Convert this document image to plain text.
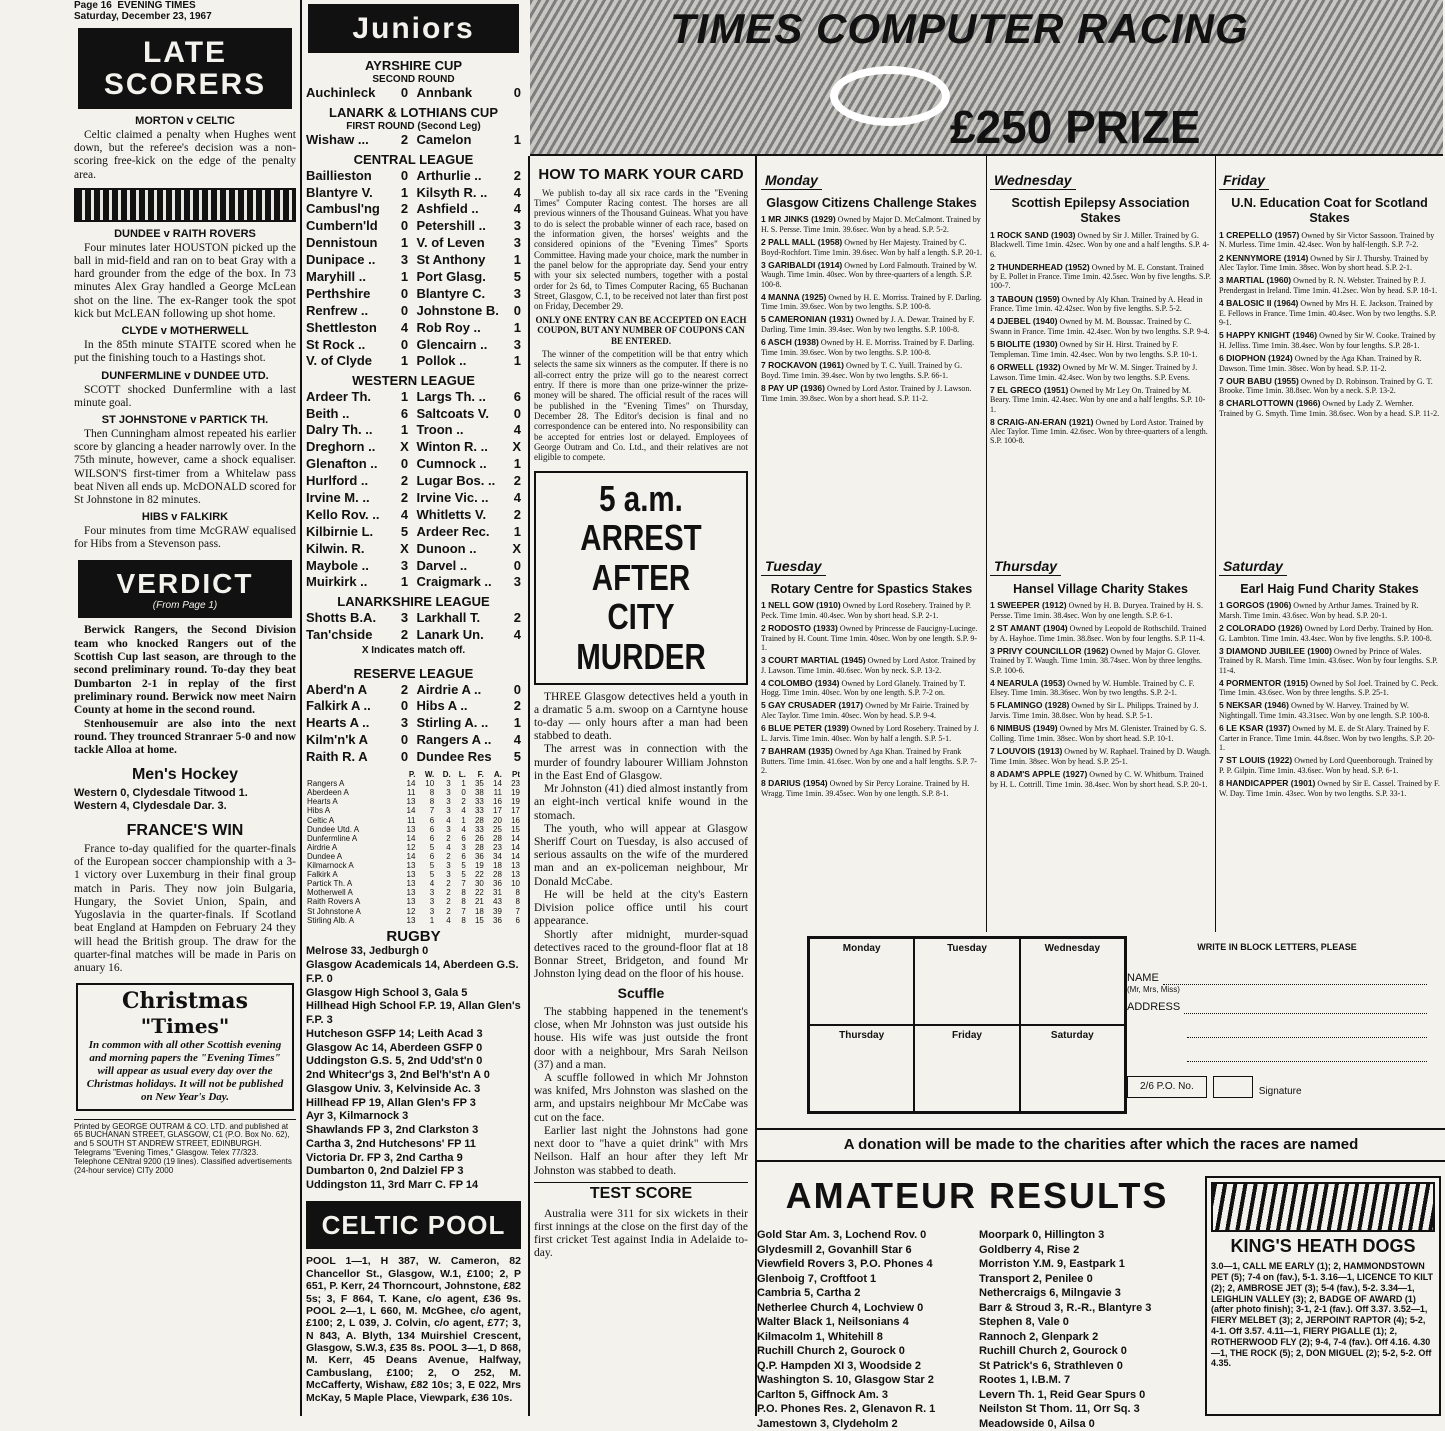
Page 16 EVENING TIMES
Saturday, December 23, 1967
LATE SCORERS
MORTON v CELTIC

Celtic claimed a penalty when Hughes went down, but the referee's decision was a non-scoring free-kick on the edge of the penalty area.

DUNDEE v RAITH ROVERS

Four minutes later HOUSTON picked up the ball in mid-field and ran on to beat Gray with a hard grounder from the edge of the box. In 73 minutes Alex Gray handled a George McLean shot on the line. The ex-Ranger took the spot kick but McLEAN following up shot home.

CLYDE v MOTHERWELL

In the 85th minute STAITE scored when he put the finishing touch to a Hastings shot.

DUNFERMLINE v DUNDEE UTD.

SCOTT shocked Dunfermline with a last minute goal.

ST JOHNSTONE v PARTICK TH.

Then Cunningham almost repeated his earlier score by glancing a header narrowly over. In the 75th minute, however, came a shock equaliser. WILSON'S first-timer from a Whitelaw pass beat Niven all ends up. McDONALD scored for St Johnstone in 82 minutes.

HIBS v FALKIRK

Four minutes from time McGRAW equalised for Hibs from a Stevenson pass.

VERDICT
(From Page 1)

Berwick Rangers, the Second Division team who knocked Rangers out of the Scottish Cup last season, are through to the second preliminary round. To-day they beat Dumbarton 2-1 in replay of the first preliminary round. Berwick now meet Nairn County at home in the second round.

Stenhousemuir are also into the next round. They trounced Stranraer 5-0 and now tackle Alloa at home.

Men's Hockey
Western 0, Clydesdale Titwood 1.
Western 4, Clydesdale Dar. 3.
FRANCE'S WIN

France to-day qualified for the quarter-finals of the European soccer championship with a 3-1 victory over Luxemburg in their final group match in Paris. They now join Bulgaria, Hungary, the Soviet Union, Spain, and Yugoslavia in the quarter-finals. If Scotland beat England at Hampden on February 24 they will head the British group. The draw for the quarter-final matches will be made in Paris on anuary 16.

Christmas
"Times"

In common with all other Scottish evening and morning papers the "Evening Times" will appear as usual every day over the Christmas holidays. It will not be published on New Year's Day.

Printed by GEORGE OUTRAM & CO. LTD. and published at 65 BUCHANAN STREET, GLASGOW, C1 (P.O. Box No. 62), and 5 SOUTH ST ANDREW STREET, EDINBURGH. Telegrams "Evening Times," Glasgow. Telex 77/323. Telephone CENtral 9200 (19 lines). Classified advertisements (24-hour service) CITy 2000
Juniors
AYRSHIRE CUP
SECOND ROUND
Auchinleck	0 Annbank	0
LANARK & LOTHIANS CUP
FIRST ROUND (Second Leg)
Wishaw ...	2 Camelon	1
CENTRAL LEAGUE
Baillieston	0 Arthurlie ..	2
Blantyre V.	1 Kilsyth R. ..	4
Cambusl'ng	2 Ashfield ..	4
Cumbern'ld	0 Petershill ..	3
Dennistoun	1 V. of Leven	3
Dunipace ..	3 St Anthony	1
Maryhill ..	1 Port Glasg.	5
Perthshire	0 Blantyre C.	3
Renfrew ..	0 Johnstone B.	0
Shettleston	4 Rob Roy ..	1
St Rock ..	0 Glencairn ..	3
V. of Clyde	1 Pollok ..	1
WESTERN LEAGUE
Ardeer Th.	1 Largs Th. ..	6
Beith ..	6 Saltcoats V.	0
Dalry Th. ..	1 Troon ..	4
Dreghorn ..	X Winton R. ..	X
Glenafton ..	0 Cumnock ..	1
Hurlford ..	2 Lugar Bos. ..	2
Irvine M. ..	2 Irvine Vic. ..	4
Kello Rov. ..	4 Whitletts V.	2
Kilbirnie L.	5 Ardeer Rec.	1
Kilwin. R.	X Dunoon ..	X
Maybole ..	3 Darvel ..	0
Muirkirk ..	1 Craigmark ..	3
LANARKSHIRE LEAGUE
Shotts B.A.	3 Larkhall T.	2
Tan'chside	2 Lanark Un.	4
X Indicates match off.
RESERVE LEAGUE
Aberd'n A	2 Airdrie A ..	0
Falkirk A ..	0 Hibs A ..	2
Hearts A ..	3 Stirling A. ..	1
Kilm'n'k A	0 Rangers A ..	4
Raith R. A	0 Dundee Res	5
	P.	W.	D.	L.	F.	A.	Pt
Rangers A	14	10	3	1	35	14	23
Aberdeen A	11	8	3	0	38	11	19
Hearts A	13	8	3	2	33	16	19
Hibs A	14	7	3	4	33	17	17
Celtic A	11	6	4	1	28	20	16
Dundee Utd. A	13	6	3	4	33	25	15
Dunfermline A	14	6	2	6	26	28	14
Airdrie A	12	5	4	3	28	23	14
Dundee A	14	6	2	6	36	34	14
Kilmarnock A	13	5	3	5	19	18	13
Falkirk A	13	5	3	5	22	28	13
Partick Th. A	13	4	2	7	30	36	10
Motherwell A	13	3	2	8	22	31	8
Raith Rovers A	13	3	2	8	21	43	8
St Johnstone A	12	3	2	7	18	39	7
Stirling Alb. A	13	1	4	8	15	36	6
RUGBY
Melrose 33, Jedburgh 0
Glasgow Academicals 14, Aberdeen G.S. F.P. 0
Glasgow High School 3, Gala 5
Hillhead High School F.P. 19, Allan Glen's F.P. 3
Hutcheson GSFP 14; Leith Acad 3
Glasgow Ac 14, Aberdeen GSFP 0
Uddingston G.S. 5, 2nd Udd'st'n 0
2nd Whitecr'gs 3, 2nd Bel'h'st'n A 0
Glasgow Univ. 3, Kelvinside Ac. 3
Hillhead FP 19, Allan Glen's FP 3
Ayr 3, Kilmarnock 3
Shawlands FP 3, 2nd Clarkston 3
Cartha 3, 2nd Hutchesons' FP 11
Victoria Dr. FP 3, 2nd Cartha 9
Dumbarton 0, 2nd Dalziel FP 3
Uddingston 11, 3rd Marr C. FP 14
CELTIC POOL

POOL 1—1, H 387, W. Cameron, 82 Chancellor St., Glasgow, W.1, £100; 2, P 651, P. Kerr, 24 Thorncourt, Johnstone, £82 5s; 3, F 864, T. Kane, c/o agent, £36 9s. POOL 2—1, L 660, M. McGhee, c/o agent, £100; 2, L 039, J. Colvin, c/o agent, £77; 3, N 843, A. Blyth, 134 Muirshiel Crescent, Glasgow, S.W.3, £35 8s. POOL 3—1, D 868, M. Kerr, 45 Deans Avenue, Halfway, Cambuslang, £100; 2, O 252, M. McCafferty, Wishaw, £82 10s; 3, E 022, Mrs McKay, 5 Maple Place, Viewpark, £36 10s.

TIMES COMPUTER RACING
£250 PRIZE
HOW TO MARK YOUR CARD

We publish to-day all six race cards in the "Evening Times" Computer Racing contest. The horses are all previous winners of the Thousand Guineas. What you have to do is select the probable winner of each race, based on the information given, the horses' weights and the considered opinions of the "Evening Times" Sports Committee. Having made your choice, mark the number in the panel below for the appropriate day. Send your entry with your six selected numbers, together with a postal order for 2s 6d, to Times Computer Racing, 65 Buchanan Street, Glasgow, C.1, to be received not later than first post on Friday, December 29.

ONLY ONE ENTRY CAN BE ACCEPTED ON EACH COUPON, BUT ANY NUMBER OF COUPONS CAN BE ENTERED.

The winner of the competition will be that entry which selects the same six winners as the computer. If there is no all-correct entry the prize will go to the nearest correct entry. If there is more than one prize-winner the prize-money will be shared. The official result of the races will be published in the "Evening Times" on Thursday, December 28. The Editor's decision is final and no correspondence can be entered into. No responsibility can be accepted for entries lost or delayed. Employees of George Outram and Co. Ltd., and their relatives are not eligible to compete.

5 a.m. ARREST
AFTER CITY
MURDER

THREE Glasgow detectives held a youth in a dramatic 5 a.m. swoop on a Carntyne house to-day — only hours after a man had been stabbed to death.

The arrest was in connection with the murder of foundry labourer William Johnston in the East End of Glasgow.

Mr Johnston (41) died almost instantly from an eight-inch vertical knife wound in the stomach.

The youth, who will appear at Glasgow Sheriff Court on Tuesday, is also accused of serious assaults on the wife of the murdered man and an ex-policeman neighbour, Mr Donald McCabe.

He will be held at the city's Eastern Division police office until his court appearance.

Shortly after midnight, murder-squad detectives raced to the ground-floor flat at 18 Bonnar Street, Bridgeton, and found Mr Johnston lying dead on the floor of his house.

Scuffle

The stabbing happened in the tenement's close, when Mr Johnston was just outside his house. His wife was just outside the front door with a neighbour, Mrs Sarah Neilson (37) and a man.

A scuffle followed in which Mr Johnston was knifed, Mrs Johnston was slashed on the arm, and upstairs neighbour Mr McCabe was cut on the face.

Earlier last night the Johnstons had gone next door to "have a quiet drink" with Mrs Neilson. Half an hour after they left Mr Johnston was stabbed to death.

TEST SCORE

Australia were 311 for six wickets in their first innings at the close on the first day of the first cricket Test against India in Adelaide to-day.

Monday
Glasgow Citizens Challenge Stakes
1 MR JINKS (1929) Owned by Major D. McCalmont. Trained by H. S. Persse. Time 1min. 39.6sec. Won by a head. S.P. 5-2.
2 PALL MALL (1958) Owned by Her Majesty. Trained by C. Boyd-Rochfort. Time 1min. 39.6sec. Won by half a length. S.P. 20-1.
3 GARIBALDI (1914) Owned by Lord Falmouth. Trained by W. Waugh. Time 1min. 40sec. Won by three-quarters of a length. S.P. 100-8.
4 MANNA (1925) Owned by H. E. Morriss. Trained by F. Darling. Time 1min. 39.6sec. Won by two lengths. S.P. 100-8.
5 CAMERONIAN (1931) Owned by J. A. Dewar. Trained by F. Darling. Time 1min. 39.4sec. Won by two lengths. S.P. 100-8.
6 ASCH (1938) Owned by H. E. Morriss. Trained by F. Darling. Time 1min. 39.6sec. Won by two lengths. S.P. 100-8.
7 ROCKAVON (1961) Owned by T. C. Yuill. Trained by G. Boyd. Time 1min. 39.4sec. Won by two lengths. S.P. 66-1.
8 PAY UP (1936) Owned by Lord Astor. Trained by J. Lawson. Time 1min. 39.8sec. Won by a short head. S.P. 11-2.
Tuesday
Rotary Centre for Spastics Stakes
1 NELL GOW (1910) Owned by Lord Rosebery. Trained by P. Peck. Time 1min. 40.4sec. Won by short head. S.P. 2-1.
2 RODOSTO (1933) Owned by Princesse de Faucigny-Lucinge. Trained by H. Count. Time 1min. 40sec. Won by one length. S.P. 9-1.
3 COURT MARTIAL (1945) Owned by Lord Astor. Trained by J. Lawson. Time 1min. 40.6sec. Won by neck. S.P. 13-2.
4 COLOMBO (1934) Owned by Lord Glanely. Trained by T. Hogg. Time 1min. 40sec. Won by one length. S.P. 7-2 on.
5 GAY CRUSADER (1917) Owned by Mr Fairie. Trained by Alec Taylor. Time 1min. 40sec. Won by head. S.P. 9-4.
6 BLUE PETER (1939) Owned by Lord Rosebery. Trained by J. L. Jarvis. Time 1min. 40sec. Won by half a length. S.P. 5-1.
7 BAHRAM (1935) Owned by Aga Khan. Trained by Frank Butters. Time 1min. 41.6sec. Won by one and a half lengths. S.P. 7-2.
8 DARIUS (1954) Owned by Sir Percy Loraine. Trained by H. Wragg. Time 1min. 39.45sec. Won by one length. S.P. 8-1.
Wednesday
Scottish Epilepsy Association Stakes
1 ROCK SAND (1903) Owned by Sir J. Miller. Trained by G. Blackwell. Time 1min. 42sec. Won by one and a half lengths. S.P. 4-6.
2 THUNDERHEAD (1952) Owned by M. E. Constant. Trained by E. Pollet in France. Time 1min. 42.5sec. Won by five lengths. S.P. 100-7.
3 TABOUN (1959) Owned by Aly Khan. Trained by A. Head in France. Time 1min. 42.42sec. Won by five lengths. S.P. 5-2.
4 DJEBEL (1940) Owned by M. M. Boussac. Trained by C. Swann in France. Time 1min. 42.4sec. Won by two lengths. S.P. 9-4.
5 BIOLITE (1930) Owned by Sir H. Hirst. Trained by F. Templeman. Time 1min. 42.4sec. Won by two lengths. S.P. 10-1.
6 ORWELL (1932) Owned by Mr W. M. Singer. Trained by J. Lawson. Time 1min. 42.4sec. Won by two lengths. S.P. Evens.
7 EL GRECO (1951) Owned by Mr Ley On. Trained by M. Beary. Time 1min. 42.4sec. Won by one and a half lengths. S.P. 10-1.
8 CRAIG-AN-ERAN (1921) Owned by Lord Astor. Trained by Alec Taylor. Time 1min. 42.6sec. Won by three-quarters of a length. S.P. 100-8.
Thursday
Hansel Village Charity Stakes
1 SWEEPER (1912) Owned by H. B. Duryea. Trained by H. S. Persse. Time 1min. 38.4sec. Won by one length. S.P. 6-1.
2 ST AMANT (1904) Owned by Leopold de Rothschild. Trained by A. Hayhoe. Time 1min. 38.8sec. Won by four lengths. S.P. 11-4.
3 PRIVY COUNCILLOR (1962) Owned by Major G. Glover. Trained by T. Waugh. Time 1min. 38.74sec. Won by three lengths. S.P. 100-6.
4 NEARULA (1953) Owned by W. Humble. Trained by C. F. Elsey. Time 1min. 38.36sec. Won by two lengths. S.P. 2-1.
5 FLAMINGO (1928) Owned by Sir L. Philipps. Trained by J. Jarvis. Time 1min. 38.8sec. Won by head. S.P. 5-1.
6 NIMBUS (1949) Owned by Mrs M. Glenister. Trained by G. S. Colling. Time 1min. 38sec. Won by short head. S.P. 10-1.
7 LOUVOIS (1913) Owned by W. Raphael. Trained by D. Waugh. Time 1min. 38sec. Won by head. S.P. 25-1.
8 ADAM'S APPLE (1927) Owned by C. W. Whitburn. Trained by H. L. Cottrill. Time 1min. 38.4sec. Won by short head. S.P. 20-1.
Friday
U.N. Education Coat for Scotland Stakes
1 CREPELLO (1957) Owned by Sir Victor Sassoon. Trained by N. Murless. Time 1min. 42.4sec. Won by half-length. S.P. 7-2.
2 KENNYMORE (1914) Owned by Sir J. Thursby. Trained by Alec Taylor. Time 1min. 38sec. Won by short head. S.P. 2-1.
3 MARTIAL (1960) Owned by R. N. Webster. Trained by P. J. Prendergast in Ireland. Time 1min. 41.2sec. Won by head. S.P. 18-1.
4 BALOSIC II (1964) Owned by Mrs H. E. Jackson. Trained by E. Fellows in France. Time 1min. 40.4sec. Won by two lengths. S.P. 9-1.
5 HAPPY KNIGHT (1946) Owned by Sir W. Cooke. Trained by H. Jelliss. Time 1min. 38.4sec. Won by four lengths. S.P. 28-1.
6 DIOPHON (1924) Owned by the Aga Khan. Trained by R. Dawson. Time 1min. 38sec. Won by head. S.P. 11-2.
7 OUR BABU (1955) Owned by D. Robinson. Trained by G. T. Brooke. Time 1min. 38.8sec. Won by a neck. S.P. 13-2.
8 CHARLOTTOWN (1966) Owned by Lady Z. Wernher. Trained by G. Smyth. Time 1min. 38.6sec. Won by a head. S.P. 11-2.
Saturday
Earl Haig Fund Charity Stakes
1 GORGOS (1906) Owned by Arthur James. Trained by R. Marsh. Time 1min. 43.6sec. Won by head. S.P. 20-1.
2 COLORADO (1926) Owned by Lord Derby. Trained by Hon. G. Lambton. Time 1min. 43.4sec. Won by five lengths. S.P. 100-8.
3 DIAMOND JUBILEE (1900) Owned by Prince of Wales. Trained by R. Marsh. Time 1min. 43.6sec. Won by four lengths. S.P. 11-4.
4 PORMENTOR (1915) Owned by Sol Joel. Trained by C. Peck. Time 1min. 43.6sec. Won by three lengths. S.P. 25-1.
5 NEKSAR (1946) Owned by W. Harvey. Trained by W. Nightingall. Time 1min. 43.31sec. Won by one length. S.P. 100-8.
6 LE KSAR (1937) Owned by M. E. de St Alary. Trained by F. Carter in France. Time 1min. 44.8sec. Won by two lengths. S.P. 20-1.
7 ST LOUIS (1922) Owned by Lord Queenborough. Trained by P. P. Gilpin. Time 1min. 43.6sec. Won by head. S.P. 6-1.
8 HANDICAPPER (1901) Owned by Sir E. Cassel. Trained by F. W. Day. Time 1min. 43sec. Won by two lengths. S.P. 33-1.
Monday	Tuesday	Wednesday
Thursday	Friday	Saturday
WRITE IN BLOCK LETTERS, PLEASE
NAME
(Mr, Mrs, Miss)
ADDRESS
2/6 P.O. No.	Signature
A donation will be made to the charities after which the races are named
AMATEUR RESULTS
Gold Star Am. 3, Lochend Rov. 0
Glydesmill 2, Govanhill Star 6
Viewfield Rovers 3, P.O. Phones 4
Glenboig 7, Croftfoot 1
Cambria 5, Cartha 2
Netherlee Church 4, Lochview 0
Walter Black 1, Neilsonians 4
Kilmacolm 1, Whitehill 8
Ruchill Church 2, Gourock 0
Q.P. Hampden XI 3, Woodside 2
Washington S. 10, Glasgow Star 2
Carlton 5, Giffnock Am. 3
P.O. Phones Res. 2, Glenavon R. 1
Jamestown 3, Clydeholm 2
Moorpark 0, Hillington 3
Goldberry 4, Rise 2
Morriston Y.M. 9, Eastpark 1
Transport 2, Penilee 0
Nethercraigs 6, Milngavie 3
Barr & Stroud 3, R.-R., Blantyre 3
Stephen 8, Vale 0
Rannoch 2, Glenpark 2
Ruchill Church 2, Gourock 0
St Patrick's 6, Strathleven 0
Rootes 1, I.B.M. 7
Levern Th. 1, Reid Gear Spurs 0
Neilston St Thom. 11, Orr Sq. 3
Meadowside 0, Ailsa 0
KING'S HEATH DOGS

3.0—1, CALL ME EARLY (1); 2, HAMMONDSTOWN PET (5); 7-4 on (fav.), 5-1. 3.16—1, LICENCE TO KILT (2); 2, AMBROSE JET (3); 5-4 (fav.), 5-2. 3.34—1, LEIGHLIN VALLEY (3); 2, BADGE OF AWARD (1) (after photo finish); 3-1, 2-1 (fav.). Off 3.37. 3.52—1, FIERY MELBET (3); 2, JERPOINT RAPTOR (4); 5-2, 4-1. Off 3.57. 4.11—1, FIERY PIGALLE (1); 2, ROTHERWOOD FLY (2); 9-4, 7-4 (fav.). Off 4.16. 4.30—1, THE ROCK (5); 2, DON MIGUEL (2); 5-2, 5-2. Off 4.35.
